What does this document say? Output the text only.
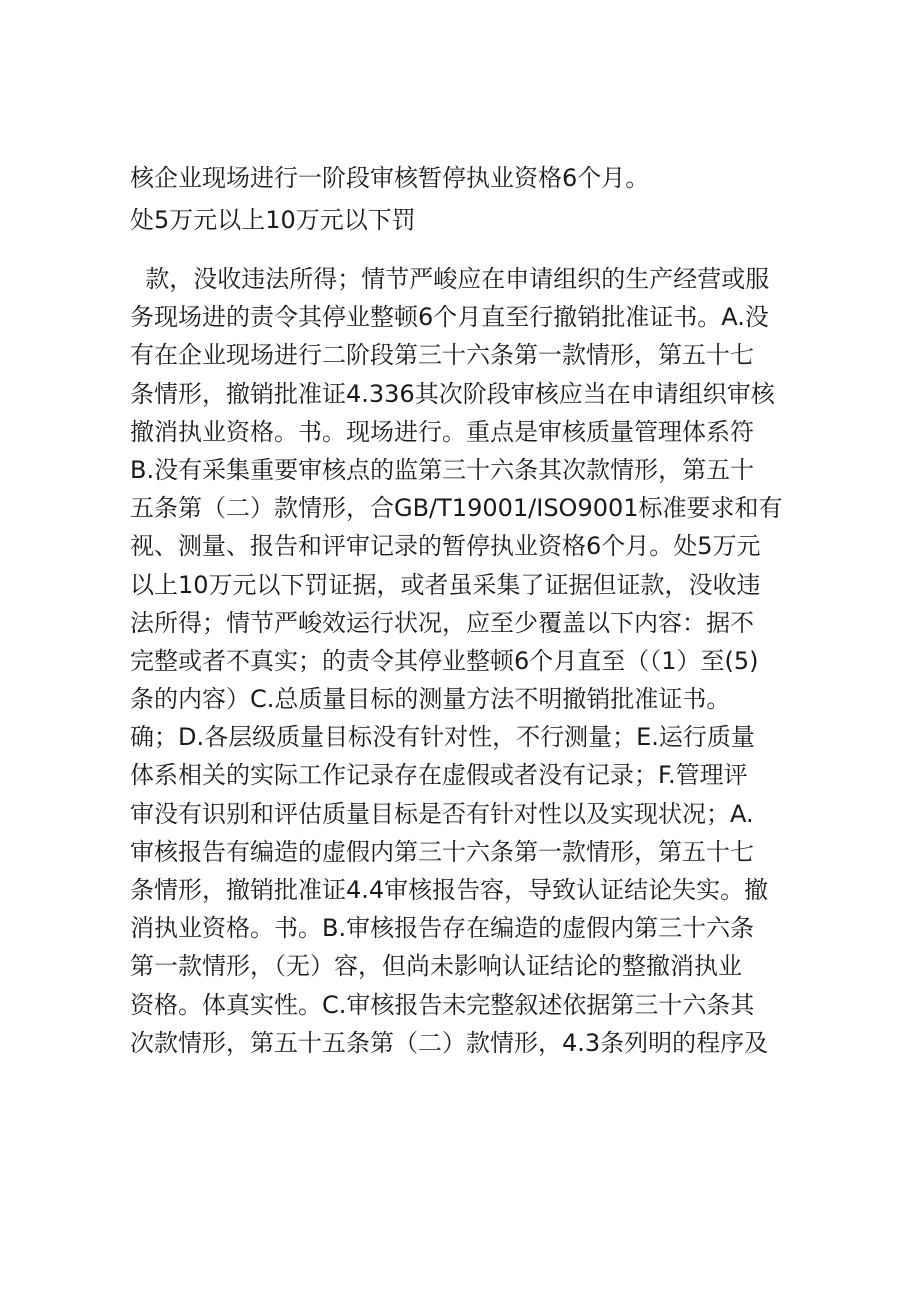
核企业现场进行一阶段审核暂停执业资格6个月。
处5万元以上10万元以下罚
款，没收违法所得；情节严峻应在申请组织的生产经营或服
务现场进的责令其停业整顿6个月直至行撤销批准证书。A.没
有在企业现场进行二阶段第三十六条第一款情形，第五十七
条情形，撤销批准证4.336其次阶段审核应当在申请组织审核
撤消执业资格。书。现场进行。重点是审核质量管理体系符
B.没有采集重要审核点的监第三十六条其次款情形，第五十
五条第（二）款情形，合GB/T19001/ISO9001标准要求和有
视、测量、报告和评审记录的暂停执业资格6个月。处5万元
以上10万元以下罚证据，或者虽采集了证据但证款，没收违
法所得；情节严峻效运行状况，应至少覆盖以下内容：据不
完整或者不真实；的责令其停业整顿6个月直至（（1）至(5)
条的内容）C.总质量目标的测量方法不明撤销批准证书。
确；D.各层级质量目标没有针对性，不行测量；E.运行质量
体系相关的实际工作记录存在虚假或者没有记录；F.管理评
审没有识别和评估质量目标是否有针对性以及实现状况；A.
审核报告有编造的虚假内第三十六条第一款情形，第五十七
条情形，撤销批准证4.4审核报告容，导致认证结论失实。撤
消执业资格。书。B.审核报告存在编造的虚假内第三十六条
第一款情形，（无）容，但尚未影响认证结论的整撤消执业
资格。体真实性。C.审核报告未完整叙述依据第三十六条其
次款情形，第五十五条第（二）款情形，4.3条列明的程序及
